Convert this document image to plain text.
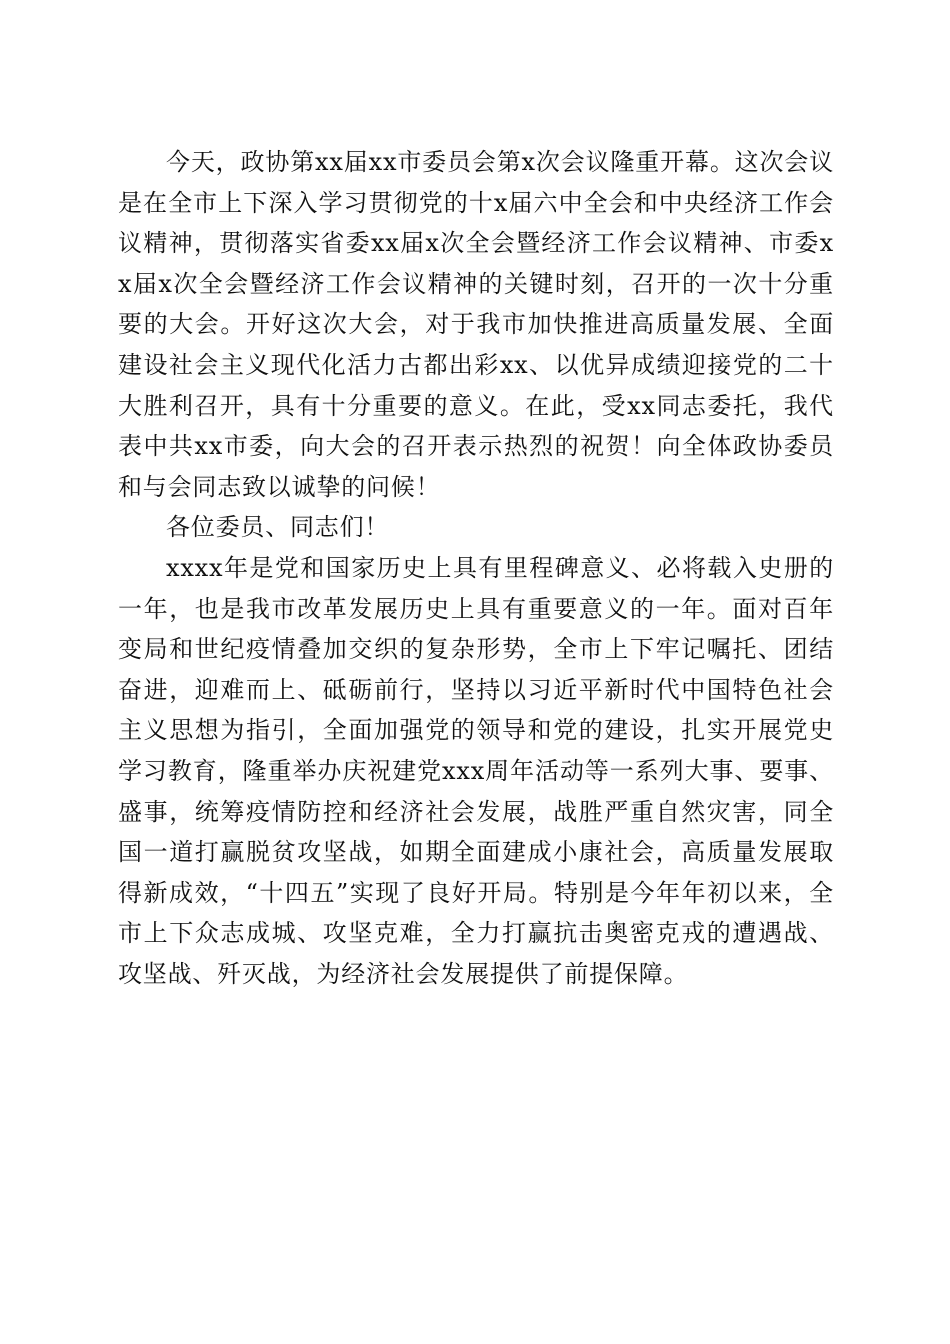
今天，政协第xx届xx市委员会第x次会议隆重开幕。这次会议是在全市上下深入学习贯彻党的十x届六中全会和中央经济工作会议精神，贯彻落实省委xx届x次全会暨经济工作会议精神、市委xx届x次全会暨经济工作会议精神的关键时刻，召开的一次十分重要的大会。开好这次大会，对于我市加快推进高质量发展、全面建设社会主义现代化活力古都出彩xx、以优异成绩迎接党的二十大胜利召开，具有十分重要的意义。在此，受xx同志委托，我代表中共xx市委，向大会的召开表示热烈的祝贺！向全体政协委员和与会同志致以诚挚的问候！

各位委员、同志们！

xxxx年是党和国家历史上具有里程碑意义、必将载入史册的一年，也是我市改革发展历史上具有重要意义的一年。面对百年变局和世纪疫情叠加交织的复杂形势，全市上下牢记嘱托、团结奋进，迎难而上、砥砺前行，坚持以习近平新时代中国特色社会主义思想为指引，全面加强党的领导和党的建设，扎实开展党史学习教育，隆重举办庆祝建党xxx周年活动等一系列大事、要事、盛事，统筹疫情防控和经济社会发展，战胜严重自然灾害，同全国一道打赢脱贫攻坚战，如期全面建成小康社会，高质量发展取得新成效，“十四五”实现了良好开局。特别是今年年初以来，全市上下众志成城、攻坚克难，全力打赢抗击奥密克戎的遭遇战、攻坚战、歼灭战，为经济社会发展提供了前提保障。
